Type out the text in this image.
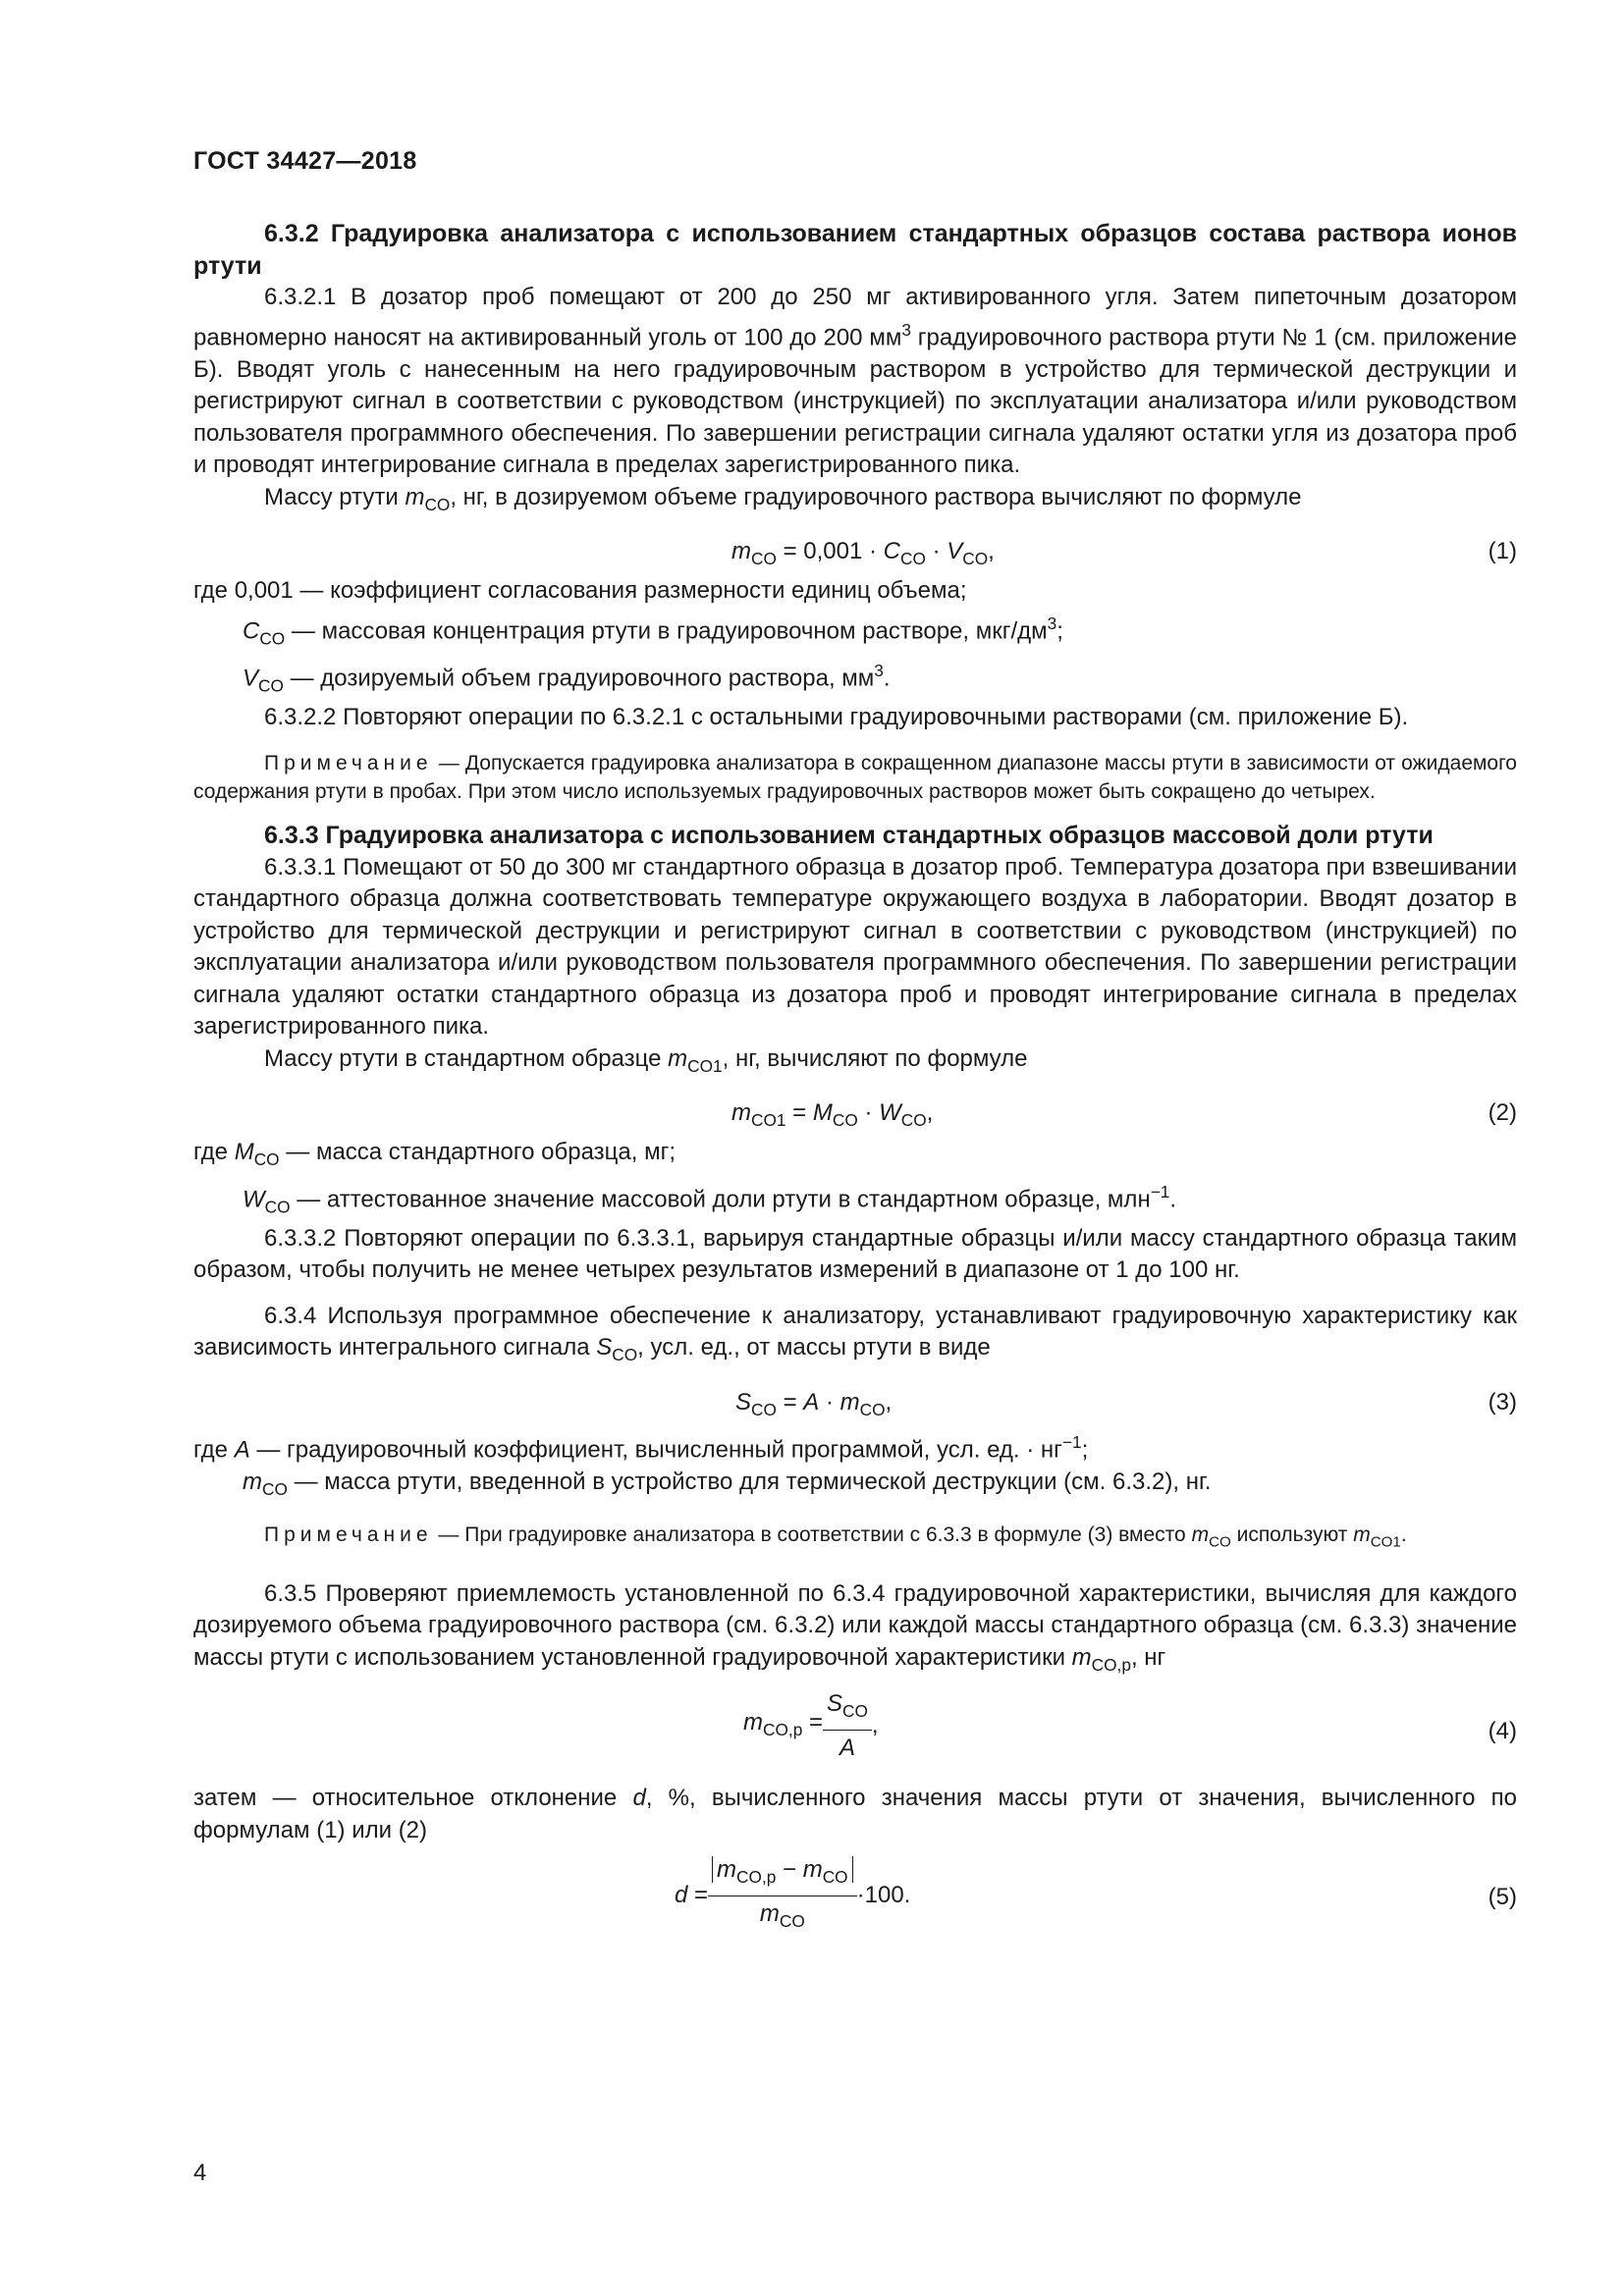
ГОСТ 34427—2018

6.3.2 Градуировка анализатора с использованием стандартных образцов состава раствора ионов ртути

6.3.2.1 В дозатор проб помещают от 200 до 250 мг активированного угля. Затем пипеточным дозатором равномерно наносят на активированный уголь от 100 до 200 $мм^3$ градуировочного раствора ртути № 1 (см. приложение Б). Вводят уголь с нанесенным на него градуировочным раствором в устройство для термической деструкции и регистрируют сигнал в соответствии с руководством (инструкцией) по эксплуатации анализатора и/или руководством пользователя программного обеспечения. По завершении регистрации сигнала удаляют остатки угля из дозатора проб и проводят интегрирование сигнала в пределах зарегистрированного пика.

Массу ртути $m_{CO}$, нг, в дозируемом объеме градуировочного раствора вычисляют по формуле

$m_{CO} = 0,001 \cdot C_{CO} \cdot V_{CO}$,	(1)

где 0,001 — коэффициент согласования размерности единиц объема;

$C_{CO}$ — массовая концентрация ртути в градуировочном растворе, мкг/$дм^3$;

$V_{CO}$ — дозируемый объем градуировочного раствора, $мм^3$.

6.3.2.2 Повторяют операции по 6.3.2.1 с остальными градуировочными растворами (см. приложение Б).

Примечание — Допускается градуировка анализатора в сокращенном диапазоне массы ртути в зависимости от ожидаемого содержания ртути в пробах. При этом число используемых градуировочных растворов может быть сокращено до четырех.

6.3.3 Градуировка анализатора с использованием стандартных образцов массовой доли ртути

6.3.3.1 Помещают от 50 до 300 мг стандартного образца в дозатор проб. Температура дозатора при взвешивании стандартного образца должна соответствовать температуре окружающего воздуха в лаборатории. Вводят дозатор в устройство для термической деструкции и регистрируют сигнал в соответствии с руководством (инструкцией) по эксплуатации анализатора и/или руководством пользователя программного обеспечения. По завершении регистрации сигнала удаляют остатки стандартного образца из дозатора проб и проводят интегрирование сигнала в пределах зарегистрированного пика.

Массу ртути в стандартном образце $m_{CO1}$, нг, вычисляют по формуле

$m_{CO1} = M_{CO} \cdot W_{CO}$,	(2)

где $M_{CO}$ — масса стандартного образца, мг;

$W_{CO}$ — аттестованное значение массовой доли ртути в стандартном образце, млн$^{-1}$.

6.3.3.2 Повторяют операции по 6.3.3.1, варьируя стандартные образцы и/или массу стандартного образца таким образом, чтобы получить не менее четырех результатов измерений в диапазоне от 1 до 100 нг.

6.3.4 Используя программное обеспечение к анализатору, устанавливают градуировочную характеристику как зависимость интегрального сигнала $S_{CO}$, усл. ед., от массы ртути в виде

$S_{CO} = A \cdot m_{CO}$,	(3)

где A — градуировочный коэффициент, вычисленный программой, усл. ед. · $нг^{-1}$;

$m_{CO}$ — масса ртути, введенной в устройство для термической деструкции (см. 6.3.2), нг.

Примечание — При градуировке анализатора в соответствии с 6.3.3 в формуле (3) вместо $m_{CO}$ используют $m_{CO1}$.

6.3.5 Проверяют приемлемость установленной по 6.3.4 градуировочной характеристики, вычисляя для каждого дозируемого объема градуировочного раствора (см. 6.3.2) или каждой массы стандартного образца (см. 6.3.3) значение массы ртути с использованием установленной градуировочной характеристики $m_{CO,p}$, нг

$m_{CO,p} = \frac{S_{CO}}{A}$ ,	(4)

затем — относительное отклонение d, %, вычисленного значения массы ртути от значения, вычисленного по формулам (1) или (2)

$d = \frac{m_{CO,p} - m_{CO}}{m_{CO}} \cdot 100$ .	(5)
4
